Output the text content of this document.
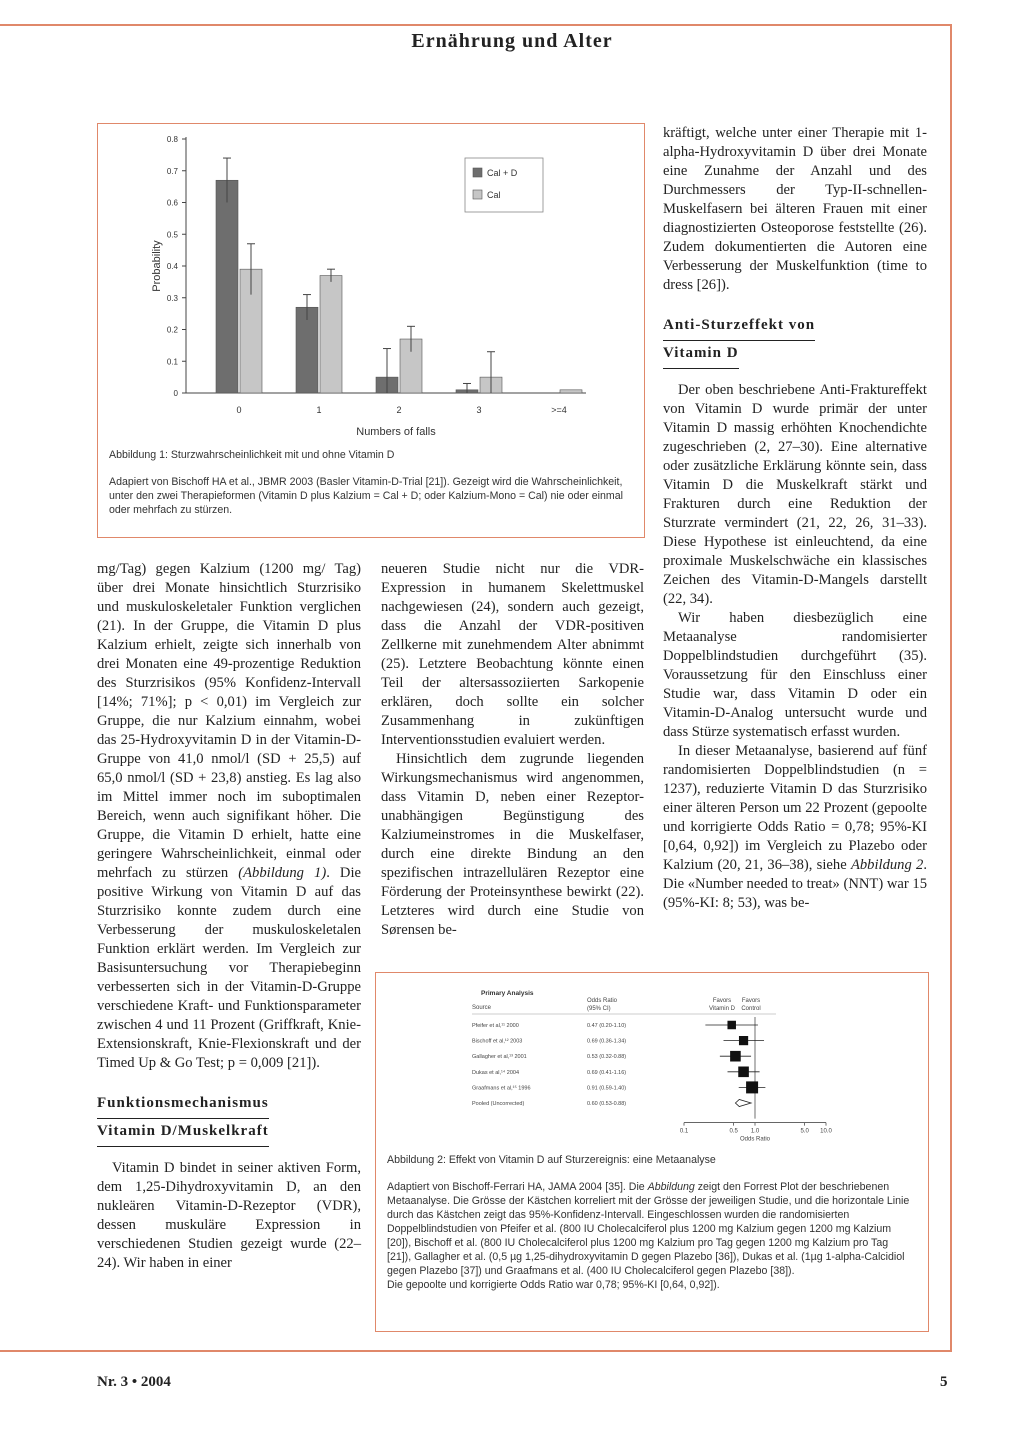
Ernährung und Alter
0
0.1
0.2
0.3
0.4
0.5
0.6
0.7
0.8
0	1	2	3	>=4
Numbers of falls
Probability
Cal + D
Cal

Abbildung 1: Sturzwahrscheinlichkeit mit und ohne Vitamin D

Adapiert von Bischoff HA et al., JBMR 2003 (Basler Vitamin-D-Trial [21]). Gezeigt wird die Wahrscheinlichkeit, unter den zwei Therapieformen (Vitamin D plus Kalzium = Cal + D; oder Kalzium-Mono = Cal) nie oder einmal oder mehrfach zu stürzen.

mg/Tag) gegen Kalzium (1200 mg/ Tag) über drei Monate hinsichtlich Sturzrisiko und muskuloskeletaler Funktion verglichen (21). In der Gruppe, die Vitamin D plus Kalzium erhielt, zeigte sich innerhalb von drei Monaten eine 49-prozentige Reduktion des Sturzrisikos (95% Konfidenz-Intervall [14%; 71%]; p < 0,01) im Vergleich zur Gruppe, die nur Kalzium einnahm, wobei das 25-Hydroxyvitamin D in der Vitamin-D-Gruppe von 41,0 nmol/l (SD + 25,5) auf 65,0 nmol/l (SD + 23,8) anstieg. Es lag also im Mittel immer noch im suboptimalen Bereich, wenn auch signifikant höher. Die Gruppe, die Vitamin D erhielt, hatte eine geringere Wahrscheinlichkeit, einmal oder mehrfach zu stürzen (Abbildung 1). Die positive Wirkung von Vitamin D auf das Sturzrisiko konnte zudem durch eine Verbesserung der muskuloskeletalen Funktion erklärt werden. Im Vergleich zur Basisuntersuchung vor Therapiebeginn verbesserten sich in der Vitamin-D-Gruppe verschiedene Kraft- und Funktionsparameter zwischen 4 und 11 Prozent (Griffkraft, Knie-Extensionskraft, Knie-Flexionskraft und der Timed Up & Go Test; p = 0,009 [21]).

Funktionsmechanismus
Vitamin D/Muskelkraft

Vitamin D bindet in seiner aktiven Form, dem 1,25-Dihydroxyvitamin D, an den nukleären Vitamin-D-Rezeptor (VDR), dessen muskuläre Expression in verschiedenen Studien gezeigt wurde (22–24). Wir haben in einer

neueren Studie nicht nur die VDR-Expression in humanem Skelettmuskel nachgewiesen (24), sondern auch gezeigt, dass die Anzahl der VDR-positiven Zellkerne mit zunehmendem Alter abnimmt (25). Letztere Beobachtung könnte einen Teil der altersassoziierten Sarkopenie erklären, doch sollte ein solcher Zusammenhang in zukünftigen Interventionsstudien evaluiert werden.

Hinsichtlich dem zugrunde liegenden Wirkungsmechanismus wird angenommen, dass Vitamin D, neben einer Rezeptor-unabhängigen Begünstigung des Kalziumeinstromes in die Muskelfaser, durch eine direkte Bindung an den spezifischen intrazellulären Rezeptor eine Förderung der Proteinsynthese bewirkt (22). Letzteres wird durch eine Studie von Sørensen be-

kräftigt, welche unter einer Therapie mit 1-alpha-Hydroxyvitamin D über drei Monate eine Zunahme der Anzahl und des Durchmessers der Typ-II-schnellen-Muskelfasern bei älteren Frauen mit einer diagnostizierten Osteoporose feststellte (26). Zudem dokumentierten die Autoren eine Verbesserung der Muskelfunktion (time to dress [26]).

Anti-Sturzeffekt von
Vitamin D

Der oben beschriebene Anti-Frakturеffekt von Vitamin D wurde primär der unter Vitamin D massig erhöhten Knochendichte zugeschrieben (2, 27–30). Eine alternative oder zusätzliche Erklärung könnte sein, dass Vitamin D die Muskelkraft stärkt und Frakturen durch eine Reduktion der Sturzrate vermindert (21, 22, 26, 31–33). Diese Hypothese ist einleuchtend, da eine proximale Muskelschwäche ein klassisches Zeichen des Vitamin-D-Mangels darstellt (22, 34).

Wir haben diesbezüglich eine Metaanalyse randomisierter Doppelblindstudien durchgeführt (35). Voraussetzung für den Einschluss einer Studie war, dass Vitamin D oder ein Vitamin-D-Analog untersucht wurde und dass Stürze systematisch erfasst wurden.

In dieser Metaanalyse, basierend auf fünf randomisierten Doppelblindstudien (n = 1237), reduzierte Vitamin D das Sturzrisiko einer älteren Person um 22 Prozent (gepoolte und korrigierte Odds Ratio = 0,78; 95%-KI [0,64, 0,92]) im Vergleich zu Plazebo oder Kalzium (20, 21, 36–38), siehe Abbildung 2. Die «Number needed to treat» (NNT) war 15 (95%-KI: 8; 53), was be-

Primary Analysis
Source
Odds Ratio
(95% CI)
Favors
Vitamin D
Favors
Control
Pfeifer et al,¹¹ 2000	0.47 (0.20-1.10)
Bischoff et al,¹² 2003	0.69 (0.36-1.34)
Gallagher et al,¹³ 2001	0.53 (0.32-0.88)
Dukas et al,¹⁴ 2004	0.69 (0.41-1.16)
Graafmans et al,¹⁵ 1996	0.91 (0.59-1.40)
Pooled (Uncorrected)	0.60 (0.53-0.88)
0.1	0.5 1.0	5.0 10.0
Odds Ratio

Abbildung 2: Effekt von Vitamin D auf Sturzereignis: eine Metaanalyse

Adaptiert von Bischoff-Ferrari HA, JAMA 2004 [35]. Die Abbildung zeigt den Forrest Plot der beschriebenen Metaanalyse. Die Grösse der Kästchen korreliert mit der Grösse der jeweiligen Studie, und die horizontale Linie durch das Kästchen zeigt das 95%-Konfidenz-Intervall. Eingeschlossen wurden die randomisierten Doppelblindstudien von Pfeifer et al. (800 IU Cholecalciferol plus 1200 mg Kalzium gegen 1200 mg Kalzium [20]), Bischoff et al. (800 IU Cholecalciferol plus 1200 mg Kalzium pro Tag gegen 1200 mg Kalzium pro Tag [21]), Gallagher et al. (0,5 µg 1,25-dihydroxyvitamin D gegen Plazebo [36]), Dukas et al. (1µg 1-alpha-Calcidiol gegen Plazebo [37]) und Graafmans et al. (400 IU Cholecalciferol gegen Plazebo [38]).

Die gepoolte und korrigierte Odds Ratio war 0,78; 95%-KI [0,64, 0,92]).

Nr. 3 • 2004	5
